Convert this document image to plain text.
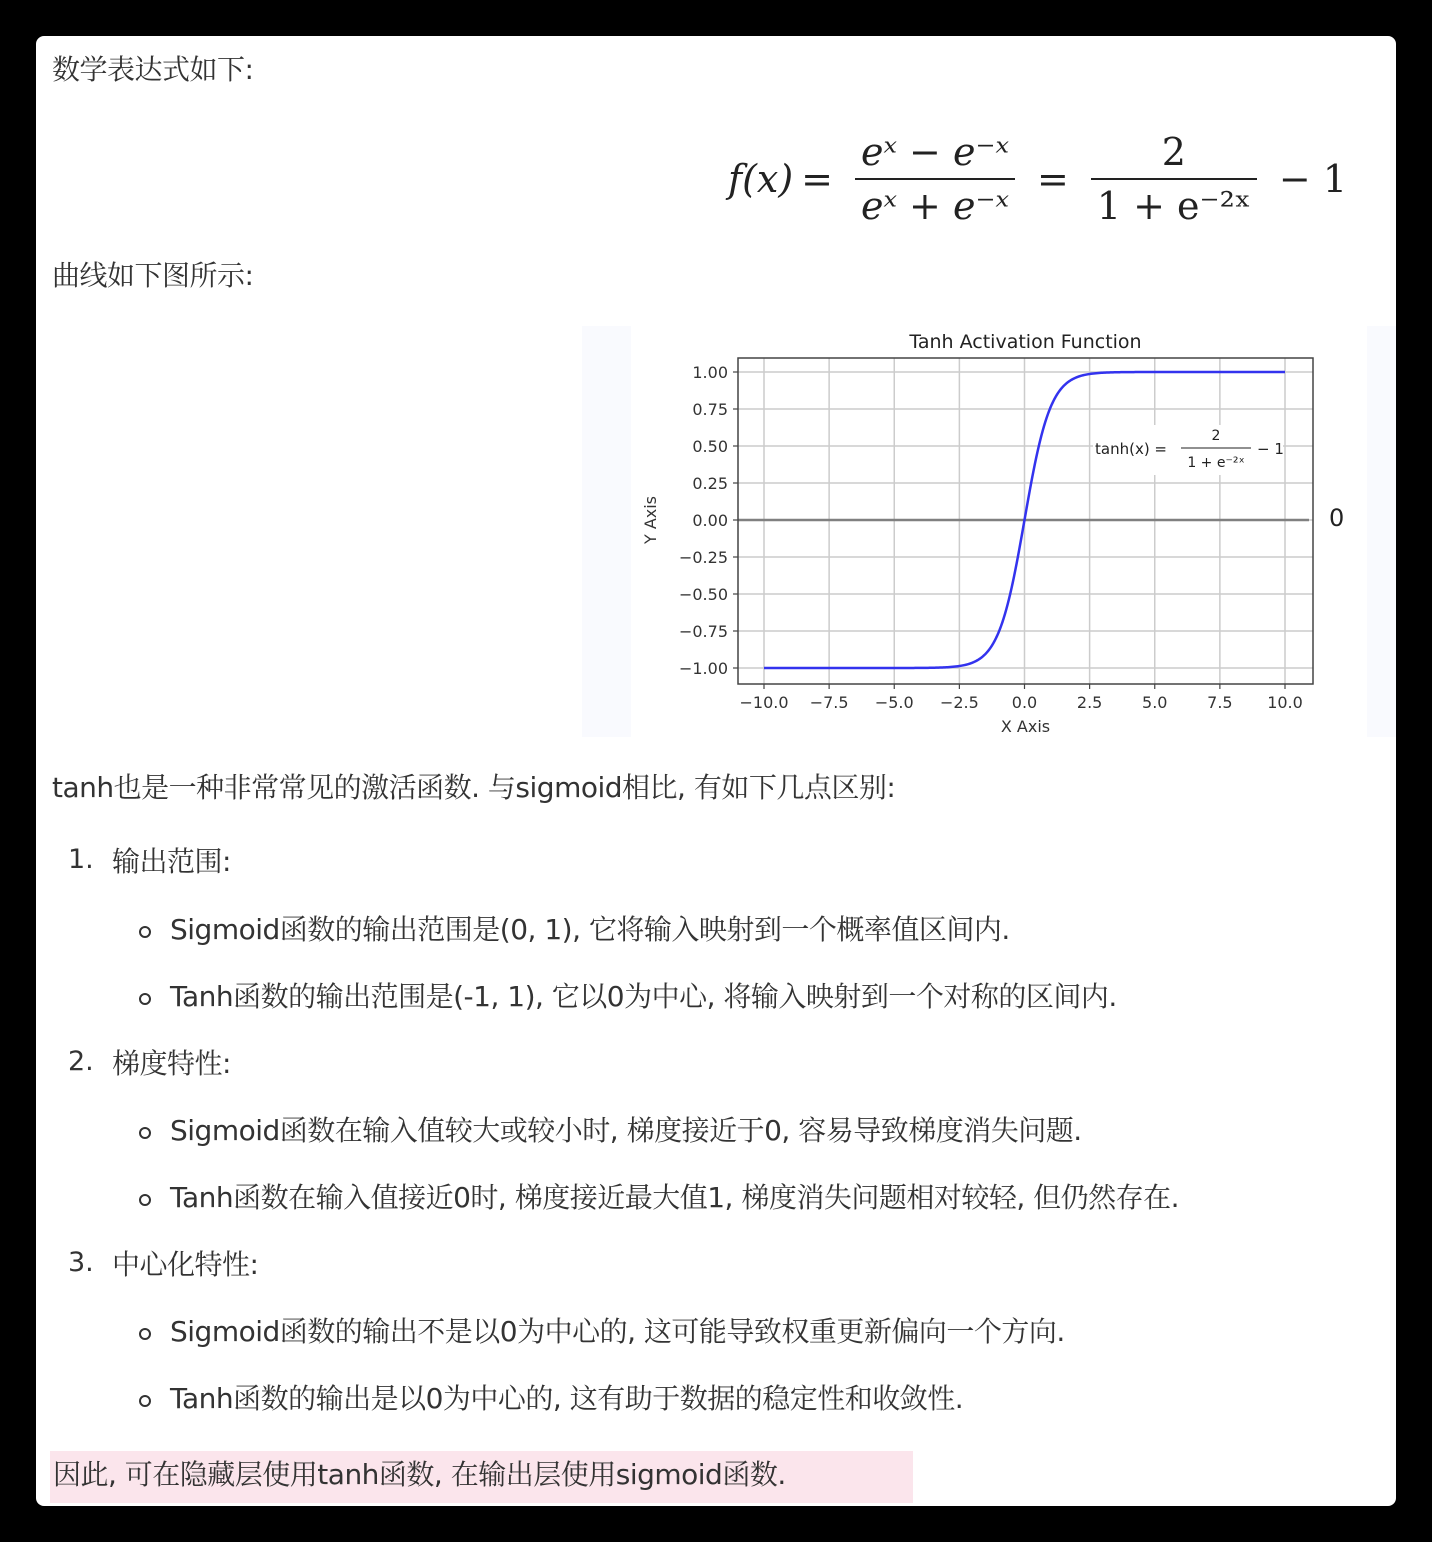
数学表达式如下:
$f(x) = \frac{\text{eˣ − e⁻ˣ}}{\text{eˣ + e⁻ˣ}} = \frac{2}{\text{1 + e⁻²ˣ}} - 1$
曲线如下图所示:
−10.0 −7.5 −5.0 −2.5 0.0 2.5 5.0 7.5 10.0
1.00
0.75
0.50
0.25
0.00
−0.25
−0.50
−0.75
−1.00
Tanh Activation Function
X Axis
Y Axis
tanh(x) =
2
1 + e⁻²ˣ
− 1
0
tanh也是一种非常常见的激活函数. 与sigmoid相比, 有如下几点区别:
1. 输出范围:
Sigmoid函数的输出范围是(0, 1), 它将输入映射到一个概率值区间内.
Tanh函数的输出范围是(-1, 1), 它以0为中心, 将输入映射到一个对称的区间内.
2. 梯度特性:
Sigmoid函数在输入值较大或较小时, 梯度接近于0, 容易导致梯度消失问题.
Tanh函数在输入值接近0时, 梯度接近最大值1, 梯度消失问题相对较轻, 但仍然存在.
3. 中心化特性:
Sigmoid函数的输出不是以0为中心的, 这可能导致权重更新偏向一个方向.
Tanh函数的输出是以0为中心的, 这有助于数据的稳定性和收敛性.
因此, 可在隐藏层使用tanh函数, 在输出层使用sigmoid函数.
